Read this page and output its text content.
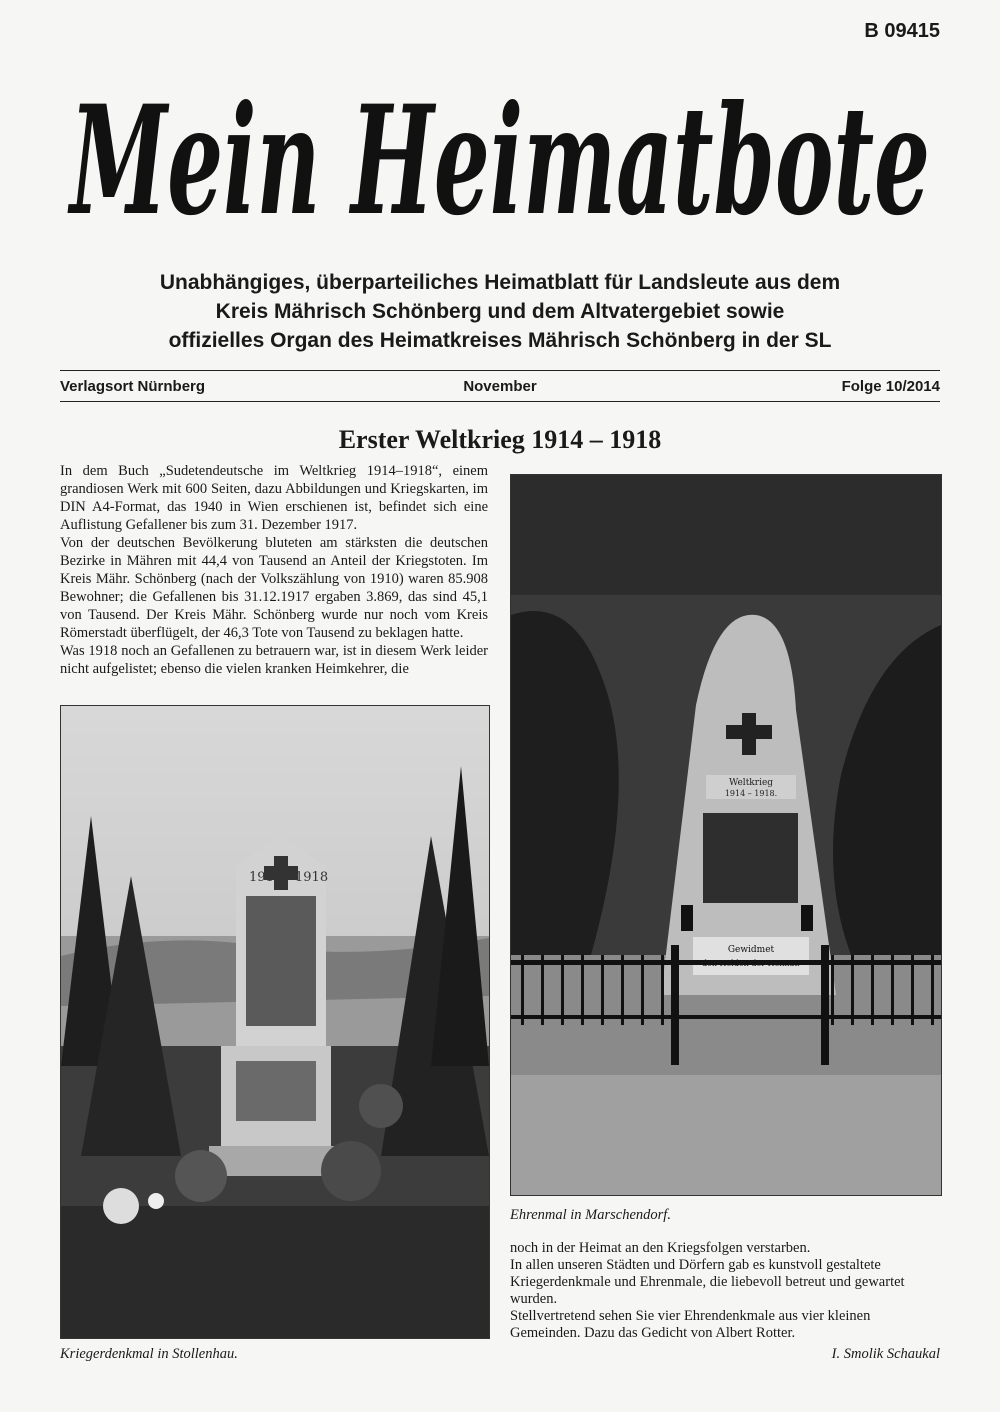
B 09415
Mein Heimatbote
Unabhängiges, überparteiliches Heimatblatt für Landsleute aus dem
Kreis Mährisch Schönberg und dem Altvatergebiet sowie
offizielles Organ des Heimatkreises Mährisch Schönberg in der SL
Verlagsort Nürnberg	November	Folge 10/2014
Erster Weltkrieg 1914 – 1918

In dem Buch „Sudetendeutsche im Weltkrieg 1914–1918“, einem grandiosen Werk mit 600 Seiten, dazu Abbildungen und Kriegskarten, im DIN A4-Format, das 1940 in Wien erschienen ist, befindet sich eine Auflistung Gefallener bis zum 31. Dezember 1917.

Von der deutschen Bevölkerung bluteten am stärksten die deutschen Bezirke in Mähren mit 44,4 von Tausend an Anteil der Kriegstoten. Im Kreis Mähr. Schönberg (nach der Volkszählung von 1910) waren 85.908 Bewohner; die Gefallenen bis 31.12.1917 ergaben 3.869, das sind 45,1 von Tausend. Der Kreis Mähr. Schönberg wurde nur noch vom Kreis Römerstadt überflügelt, der 46,3 Tote von Tausend zu beklagen hatte.

Was 1918 noch an Gefallenen zu betrauern war, ist in diesem Werk leider nicht aufgelistet; ebenso die vielen kranken Heimkehrer, die

1914 1918
Kriegerdenkmal in Stollenhau.
Weltkrieg
1914 – 1918.
Gewidmet
Ehrenmal in Marschendorf.

noch in der Heimat an den Kriegsfolgen verstarben.

In allen unseren Städten und Dörfern gab es kunstvoll gestaltete Kriegerdenkmale und Ehrenmale, die liebevoll betreut und gewartet wurden.

Stellvertretend sehen Sie vier Ehrendenkmale aus vier kleinen Gemeinden. Dazu das Gedicht von Albert Rotter.

I. Smolik Schaukal
